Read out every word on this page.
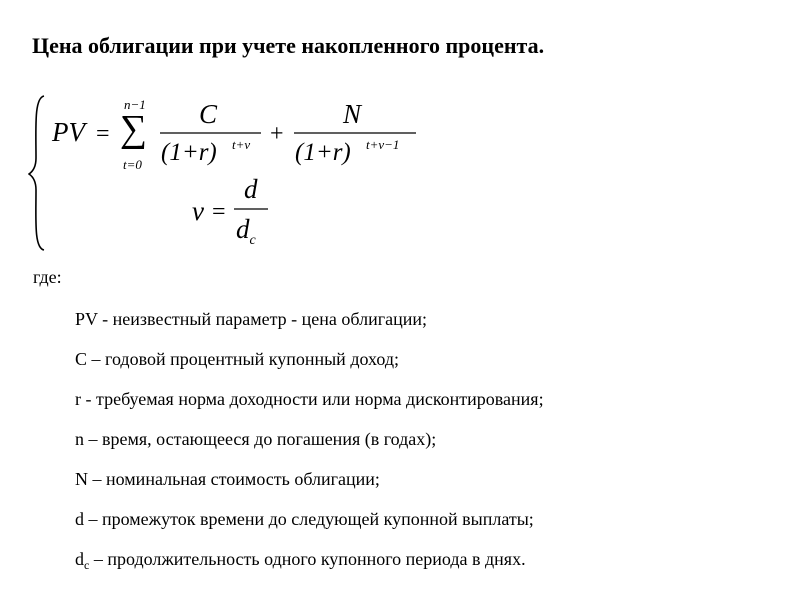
Цена облигации при учете накопленного процента.
PV =
n−1
∑
t=0
C
(1+r) t+v +
N
(1+r) t+v−1
v =
d
$d_c$
где:
PV - неизвестный параметр - цена облигации;
C – годовой процентный купонный доход;
r - требуемая норма доходности или норма дисконтирования;
n – время, остающееся до погашения (в годах);
N – номинальная стоимость облигации;
d – промежуток времени до следующей купонной выплаты;
$d_c$ – продолжительность одного купонного периода в днях.
